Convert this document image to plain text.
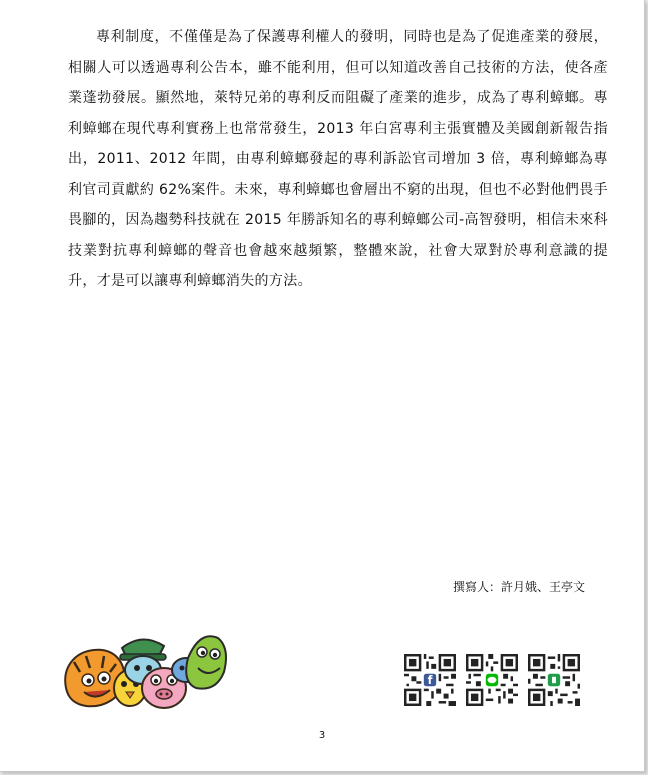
專利制度，不僅僅是為了保護專利權人的發明，同時也是為了促進產業的發展，相關人可以透過專利公告本，雖不能利用，但可以知道改善自己技術的方法，使各產業蓬勃發展。顯然地，萊特兄弟的專利反而阻礙了產業的進步，成為了專利蟑螂。專利蟑螂在現代專利實務上也常常發生，2013 年白宮專利主張實體及美國創新報告指出，2011、2012 年間，由專利蟑螂發起的專利訴訟官司增加 3 倍，專利蟑螂為專利官司貢獻約 62%案件。未來，專利蟑螂也會層出不窮的出現，但也不必對他們畏手畏腳的，因為趨勢科技就在 2015 年勝訴知名的專利蟑螂公司-高智發明，相信未來科技業對抗專利蟑螂的聲音也會越來越頻繁，整體來說，社會大眾對於專利意識的提升，才是可以讓專利蟑螂消失的方法。

撰寫人：許月娥、王亭文
f
3
